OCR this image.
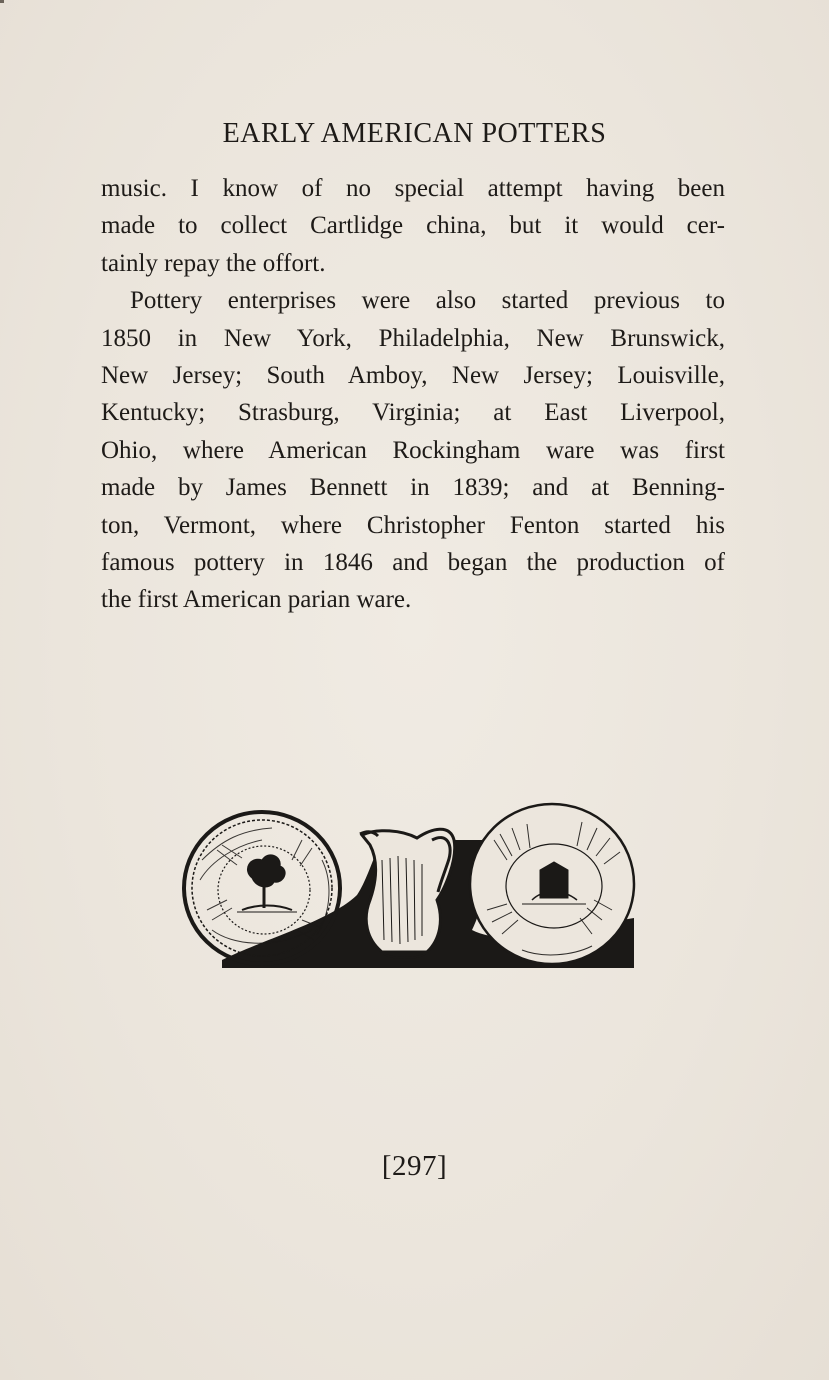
EARLY AMERICAN POTTERS
music. I know of no special attempt having been
made to collect Cartlidge china, but it would cer-
tainly repay the offort.
Pottery enterprises were also started previous to
1850 in New York, Philadelphia, New Brunswick,
New Jersey; South Amboy, New Jersey; Louisville,
Kentucky; Strasburg, Virginia; at East Liverpool,
Ohio, where American Rockingham ware was first
made by James Bennett in 1839; and at Benning-
ton, Vermont, where Christopher Fenton started his
famous pottery in 1846 and began the production of
the first American parian ware.
[297]
